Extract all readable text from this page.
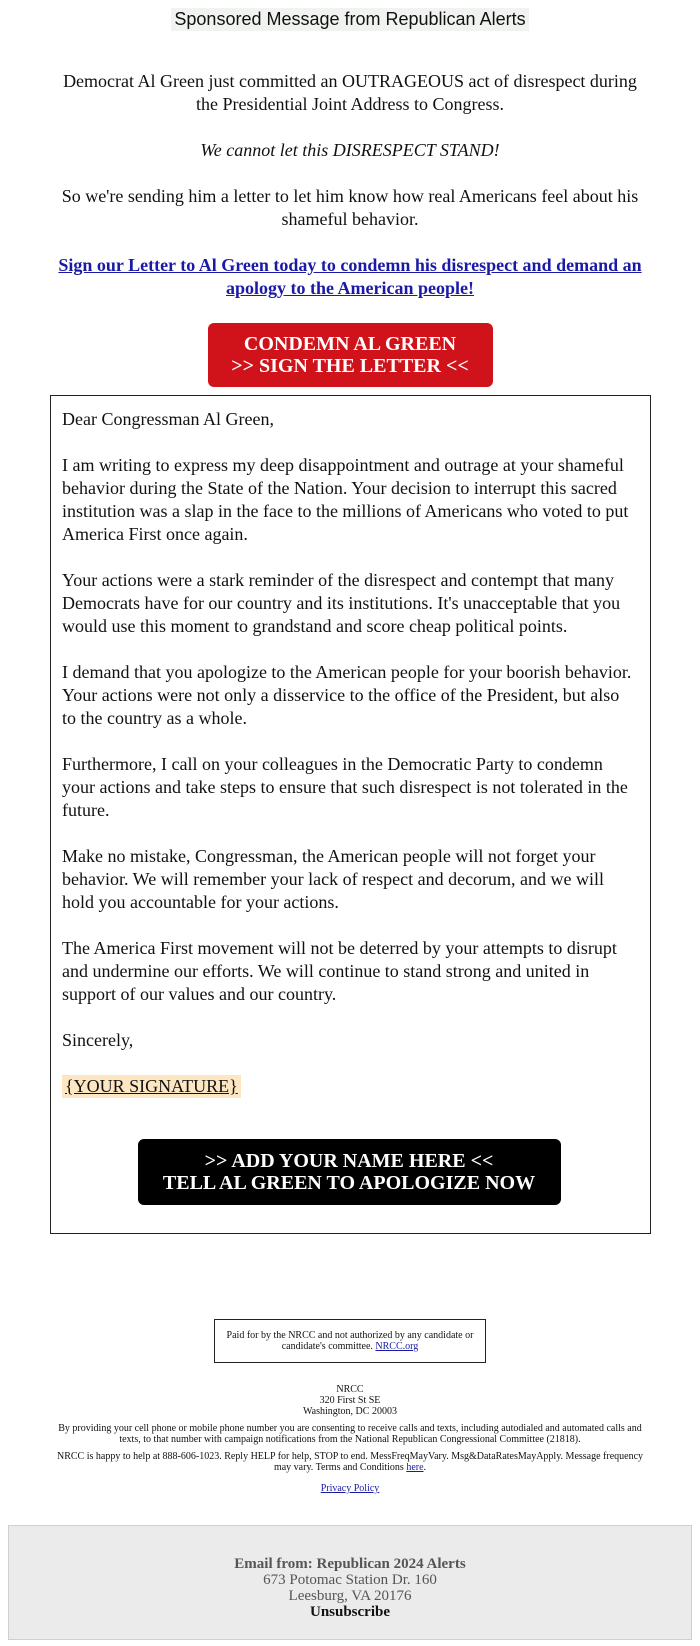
Sponsored Message from Republican Alerts

Democrat Al Green just committed an OUTRAGEOUS act of disrespect during the Presidential Joint Address to Congress.

We cannot let this DISRESPECT STAND!

So we're sending him a letter to let him know how real Americans feel about his shameful behavior.

Sign our Letter to Al Green today to condemn his disrespect and demand an apology to the American people!

CONDEMN AL GREEN
>> SIGN THE LETTER <<

Dear Congressman Al Green,

I am writing to express my deep disappointment and outrage at your shameful behavior during the State of the Nation. Your decision to interrupt this sacred institution was a slap in the face to the millions of Americans who voted to put America First once again.

Your actions were a stark reminder of the disrespect and contempt that many Democrats have for our country and its institutions. It's unacceptable that you would use this moment to grandstand and score cheap political points.

I demand that you apologize to the American people for your boorish behavior. Your actions were not only a disservice to the office of the President, but also to the country as a whole.

Furthermore, I call on your colleagues in the Democratic Party to condemn your actions and take steps to ensure that such disrespect is not tolerated in the future.

Make no mistake, Congressman, the American people will not forget your behavior. We will remember your lack of respect and decorum, and we will hold you accountable for your actions.

The America First movement will not be deterred by your attempts to disrupt and undermine our efforts. We will continue to stand strong and united in support of our values and our country.

Sincerely,

{YOUR SIGNATURE}

>> ADD YOUR NAME HERE <<
TELL AL GREEN TO APOLOGIZE NOW
Paid for by the NRCC and not authorized by any candidate or candidate's committee. NRCC.org

NRCC
320 First St SE
Washington, DC 20003

By providing your cell phone or mobile phone number you are consenting to receive calls and texts, including autodialed and automated calls and texts, to that number with campaign notifications from the National Republican Congressional Committee (21818).

NRCC is happy to help at 888-606-1023. Reply HELP for help, STOP to end. MessFreqMayVary. Msg&DataRatesMayApply. Message frequency may vary. Terms and Conditions here.

Privacy Policy

Email from: Republican 2024 Alerts
673 Potomac Station Dr. 160
Leesburg, VA 20176
Unsubscribe
